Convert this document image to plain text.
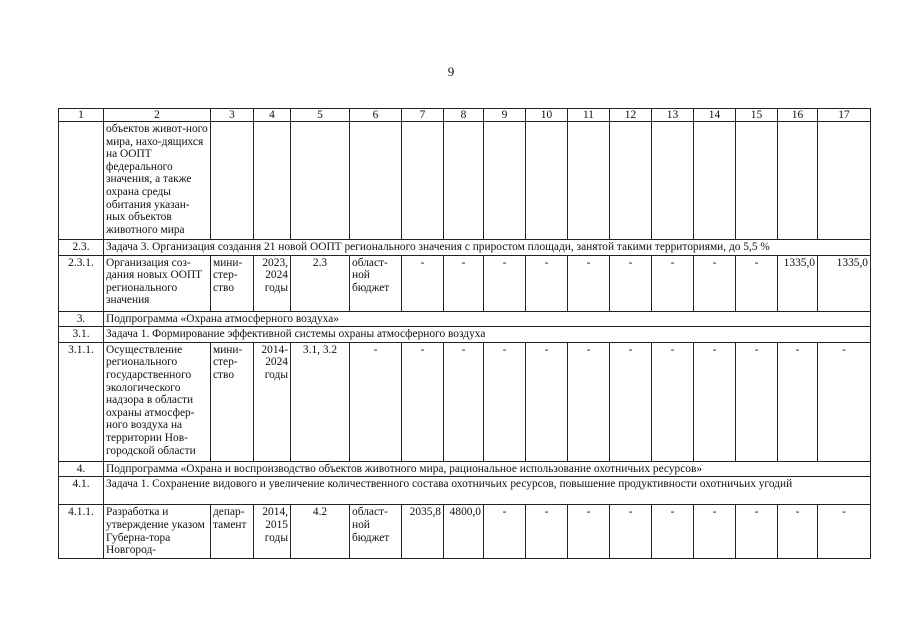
9
1	2	3	4	5	6	7	8	9	10	11	12	13	14	15	16	17
	объектов живот-ного мира, нахо-дящихся на ООПТ федерального значения, а также охрана среды обитания указан-ных объектов животного мира															
2.3.	Задача 3. Организация создания 21 новой ООПТ регионального значения с приростом площади, занятой такими территориями, до 5,5 %															
2.3.1.	Организация соз-дания новых ООПТ регионального значения	мини-стер-ство	2023, 2024 годы	2.3	област-ной бюджет	-	-	-	-	-	-	-	-	-	1335,0	1335,0
3.	Подпрограмма «Охрана атмосферного воздуха»															
3.1.	Задача 1. Формирование эффективной системы охраны атмосферного воздуха															
3.1.1.	Осуществление регионального государственного экологического надзора в области охраны атмосфер-ного воздуха на территории Нов-городской области	мини-стер-ство	2014-2024 годы	3.1, 3.2	-	-	-	-	-	-	-	-	-	-	-	-
4.	Подпрограмма «Охрана и воспроизводство объектов животного мира, рациональное использование охотничьих ресурсов»															
4.1.	Задача 1. Сохранение видового и увеличение количественного состава охотничьих ресурсов, повышение продуктивности охотничьих угодий															
4.1.1.	Разработка и утверждение указом Губерна-тора Новгород-	депар-тамент	2014, 2015 годы	4.2	област-ной бюджет	2035,8	4800,0	-	-	-	-	-	-	-	-	-
